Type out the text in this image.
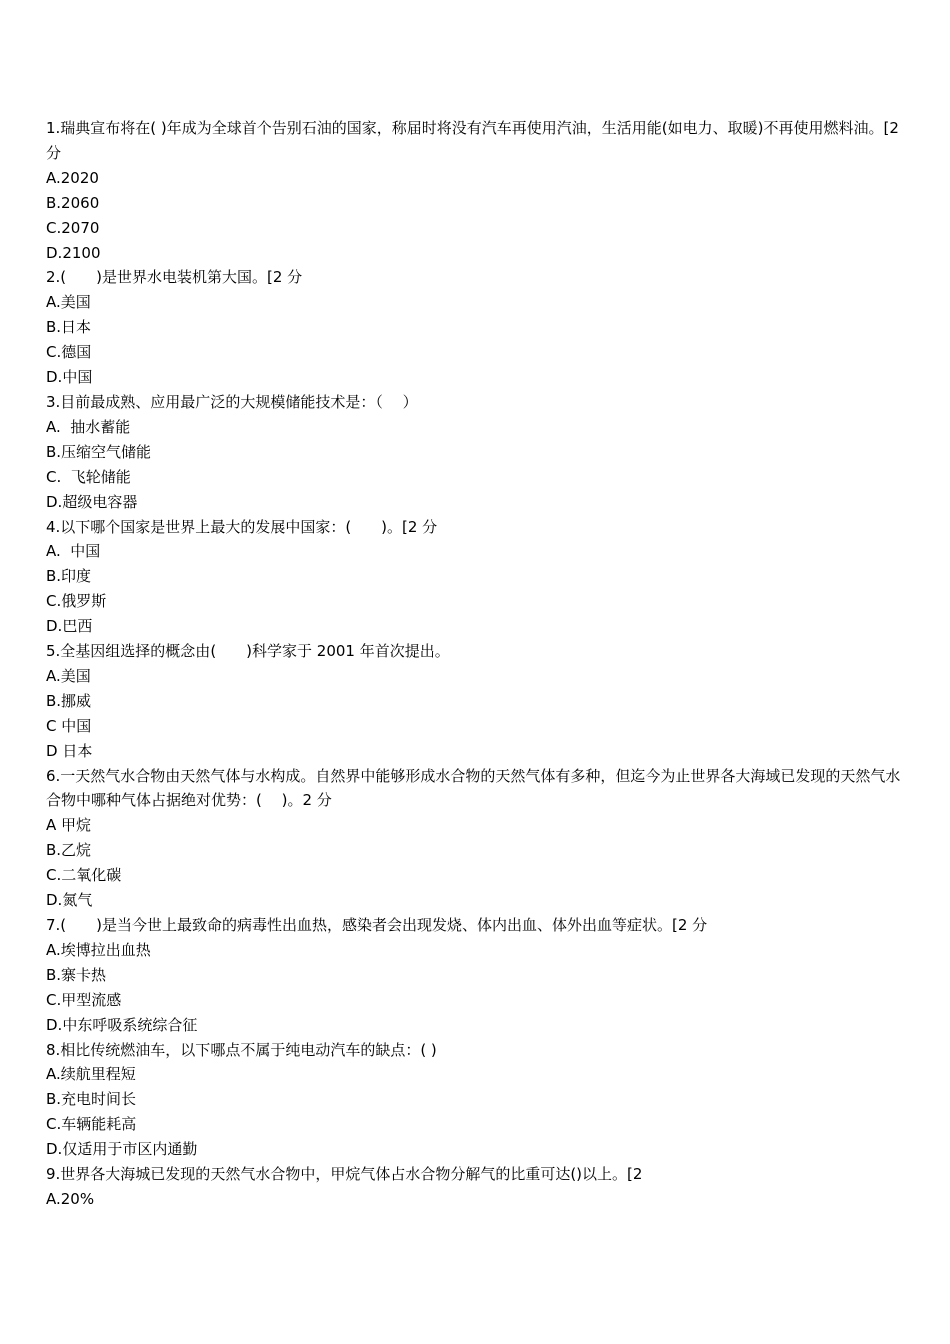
1.瑞典宣布将在( )年成为全球首个告别石油的国家，称届时将没有汽车再使用汽油，生活用能(如电力、取暖)不再使用燃料油。[2 分

A.2020

B.2060

C.2070

D.2100

2.(　　)是世界水电装机第大国。[2 分

A.美国

B.日本

C.德国

D.中国

3.目前最成熟、应用最广泛的大规模储能技术是：（　 ）

A.  抽水蓄能

B.压缩空气储能

C.  飞轮储能

D.超级电容器

4.以下哪个国家是世界上最大的发展中国家：(　　)。[2 分

A.  中国

B.印度

C.俄罗斯

D.巴西

5.全基因组选择的概念由(　　)科学家于 2001 年首次提出。

A.美国

B.挪威

C 中国

D 日本

6.一天然气水合物由天然气体与水构成。自然界中能够形成水合物的天然气体有多种，但迄今为止世界各大海域已发现的天然气水合物中哪种气体占据绝对优势：(　 )。2 分

A 甲烷

B.乙烷

C.二氧化碳

D.氮气

7.(　　)是当今世上最致命的病毒性出血热，感染者会出现发烧、体内出血、体外出血等症状。[2 分

A.埃博拉出血热

B.寨卡热

C.甲型流感

D.中东呼吸系统综合征

8.相比传统燃油车，以下哪点不属于纯电动汽车的缺点：( )

A.续航里程短

B.充电时间长

C.车辆能耗高

D.仅适用于市区内通勤

9.世界各大海城已发现的天然气水合物中，甲烷气体占水合物分解气的比重可达()以上。[2

A.20%
